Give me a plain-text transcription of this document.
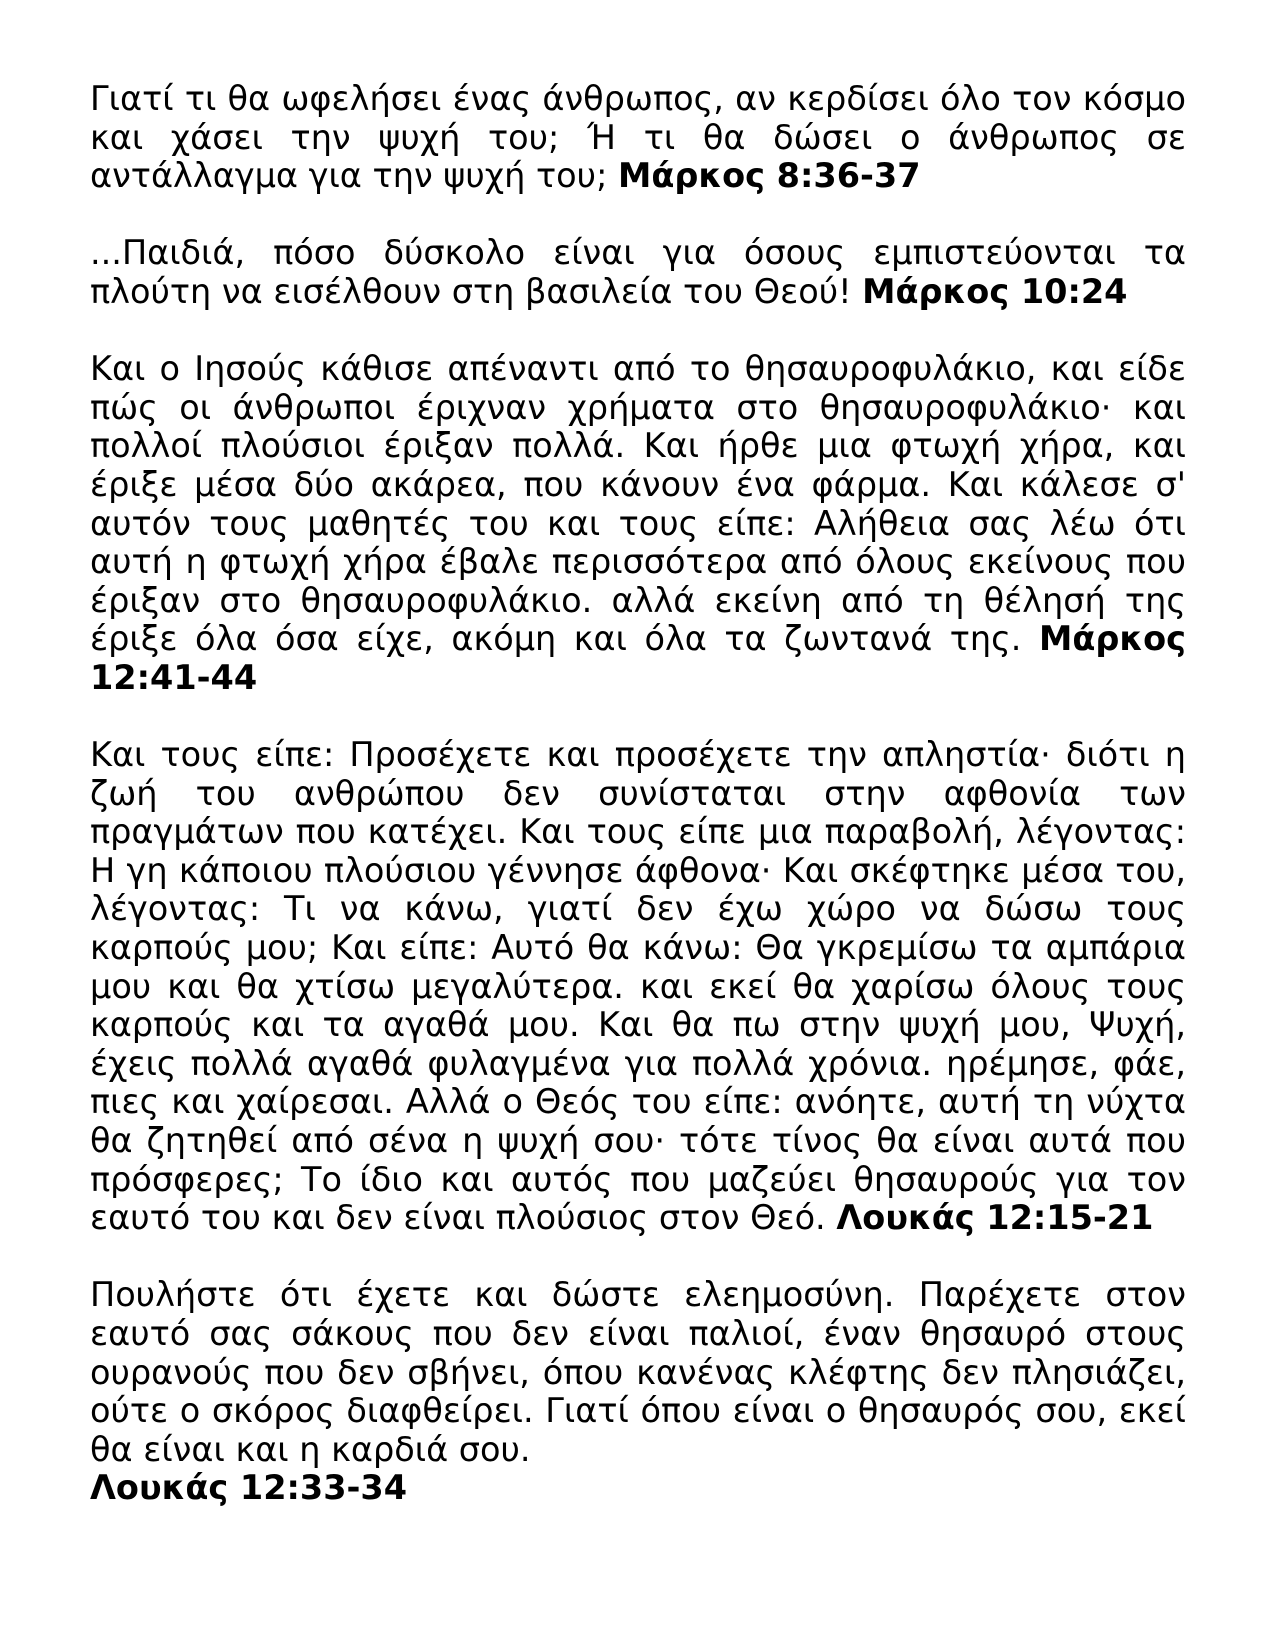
Γιατί τι θα ωφελήσει ένας άνθρωπος, αν κερδίσει όλο τον κόσμο και χάσει την ψυχή του; Ή τι θα δώσει ο άνθρωπος σε αντάλλαγμα για την ψυχή του; Μάρκος 8:36-37

...Παιδιά, πόσο δύσκολο είναι για όσους εμπιστεύονται τα πλούτη να εισέλθουν στη βασιλεία του Θεού! Μάρκος 10:24

Και ο Ιησούς κάθισε απέναντι από το θησαυροφυλάκιο, και είδε πώς οι άνθρωποι έριχναν χρήματα στο θησαυροφυλάκιο· και πολλοί πλούσιοι έριξαν πολλά. Και ήρθε μια φτωχή χήρα, και έριξε μέσα δύο ακάρεα, που κάνουν ένα φάρμα. Και κάλεσε σ' αυτόν τους μαθητές του και τους είπε: Αλήθεια σας λέω ότι αυτή η φτωχή χήρα έβαλε περισσότερα από όλους εκείνους που έριξαν στο θησαυροφυλάκιο. αλλά εκείνη από τη θέλησή της έριξε όλα όσα είχε, ακόμη και όλα τα ζωντανά της. Μάρκος 12:41-44

Και τους είπε: Προσέχετε και προσέχετε την απληστία· διότι η ζωή του ανθρώπου δεν συνίσταται στην αφθονία των πραγμάτων που κατέχει. Και τους είπε μια παραβολή, λέγοντας: Η γη κάποιου πλούσιου γέννησε άφθονα· Και σκέφτηκε μέσα του, λέγοντας: Τι να κάνω, γιατί δεν έχω χώρο να δώσω τους καρπούς μου; Και είπε: Αυτό θα κάνω: Θα γκρεμίσω τα αμπάρια μου και θα χτίσω μεγαλύτερα. και εκεί θα χαρίσω όλους τους καρπούς και τα αγαθά μου. Και θα πω στην ψυχή μου, Ψυχή, έχεις πολλά αγαθά φυλαγμένα για πολλά χρόνια. ηρέμησε, φάε, πιες και χαίρεσαι. Αλλά ο Θεός του είπε: ανόητε, αυτή τη νύχτα θα ζητηθεί από σένα η ψυχή σου· τότε τίνος θα είναι αυτά που πρόσφερες; Το ίδιο και αυτός που μαζεύει θησαυρούς για τον εαυτό του και δεν είναι πλούσιος στον Θεό. Λουκάς 12:15-21

Πουλήστε ότι έχετε και δώστε ελεημοσύνη. Παρέχετε στον εαυτό σας σάκους που δεν είναι παλιοί, έναν θησαυρό στους ουρανούς που δεν σβήνει, όπου κανένας κλέφτης δεν πλησιάζει, ούτε ο σκόρος διαφθείρει. Γιατί όπου είναι ο θησαυρός σου, εκεί θα είναι και η καρδιά σου.
Λουκάς 12:33-34
